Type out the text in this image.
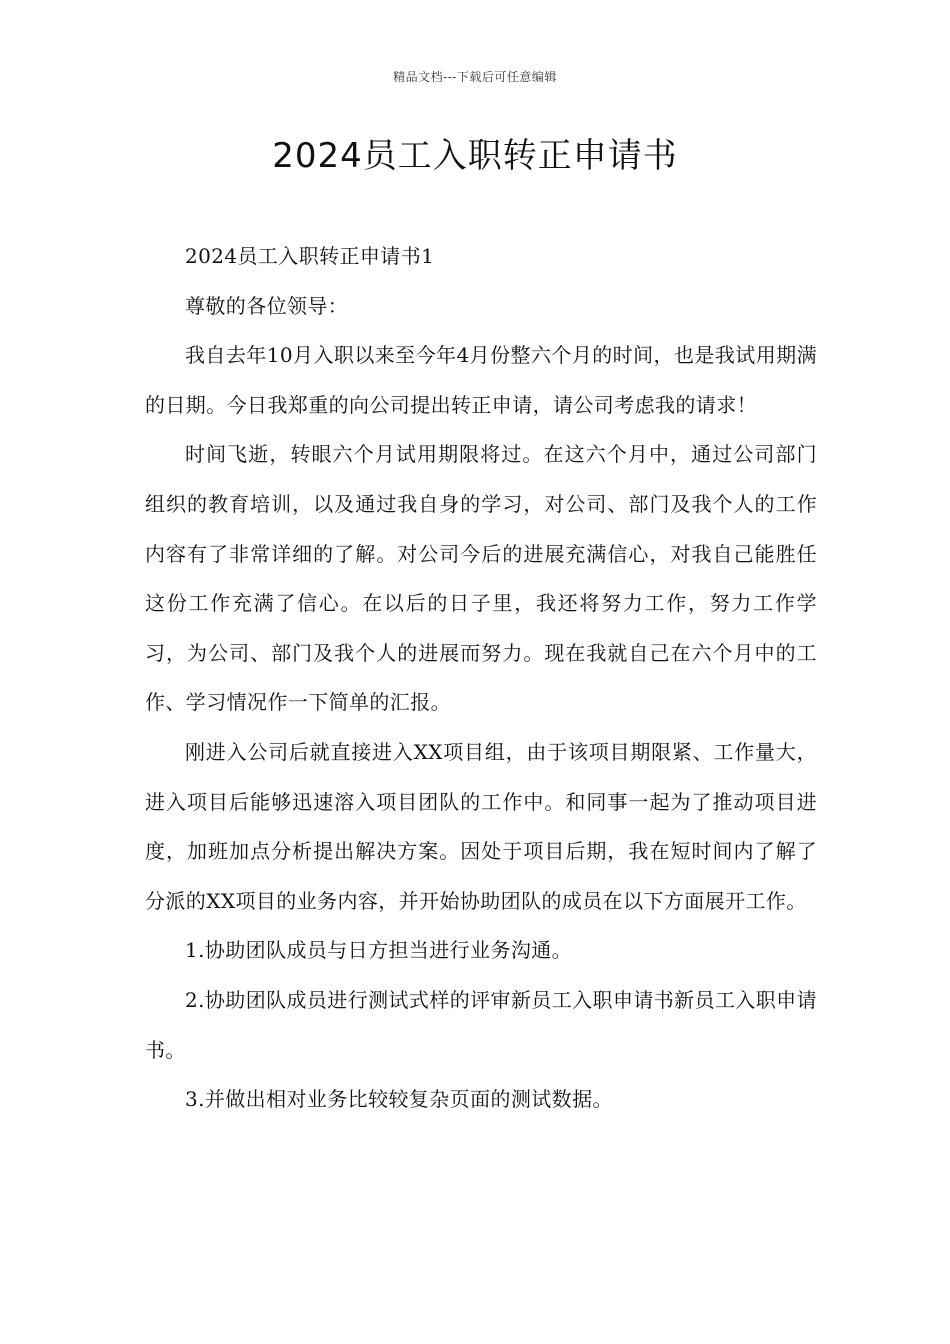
精品文档---下载后可任意编辑
2024员工入职转正申请书

2024员工入职转正申请书1

尊敬的各位领导：

我自去年10月入职以来至今年4月份整六个月的时间，也是我试用期满的日期。今日我郑重的向公司提出转正申请，请公司考虑我的请求！

时间飞逝，转眼六个月试用期限将过。在这六个月中，通过公司部门组织的教育培训，以及通过我自身的学习，对公司、部门及我个人的工作内容有了非常详细的了解。对公司今后的进展充满信心，对我自己能胜任这份工作充满了信心。在以后的日子里，我还将努力工作，努力工作学习，为公司、部门及我个人的进展而努力。现在我就自己在六个月中的工作、学习情况作一下简单的汇报。

刚进入公司后就直接进入XX项目组，由于该项目期限紧、工作量大，进入项目后能够迅速溶入项目团队的工作中。和同事一起为了推动项目进度，加班加点分析提出解决方案。因处于项目后期，我在短时间内了解了分派的XX项目的业务内容，并开始协助团队的成员在以下方面展开工作。

1.协助团队成员与日方担当进行业务沟通。

2.协助团队成员进行测试式样的评审新员工入职申请书新员工入职申请书。

3.并做出相对业务比较较复杂页面的测试数据。
